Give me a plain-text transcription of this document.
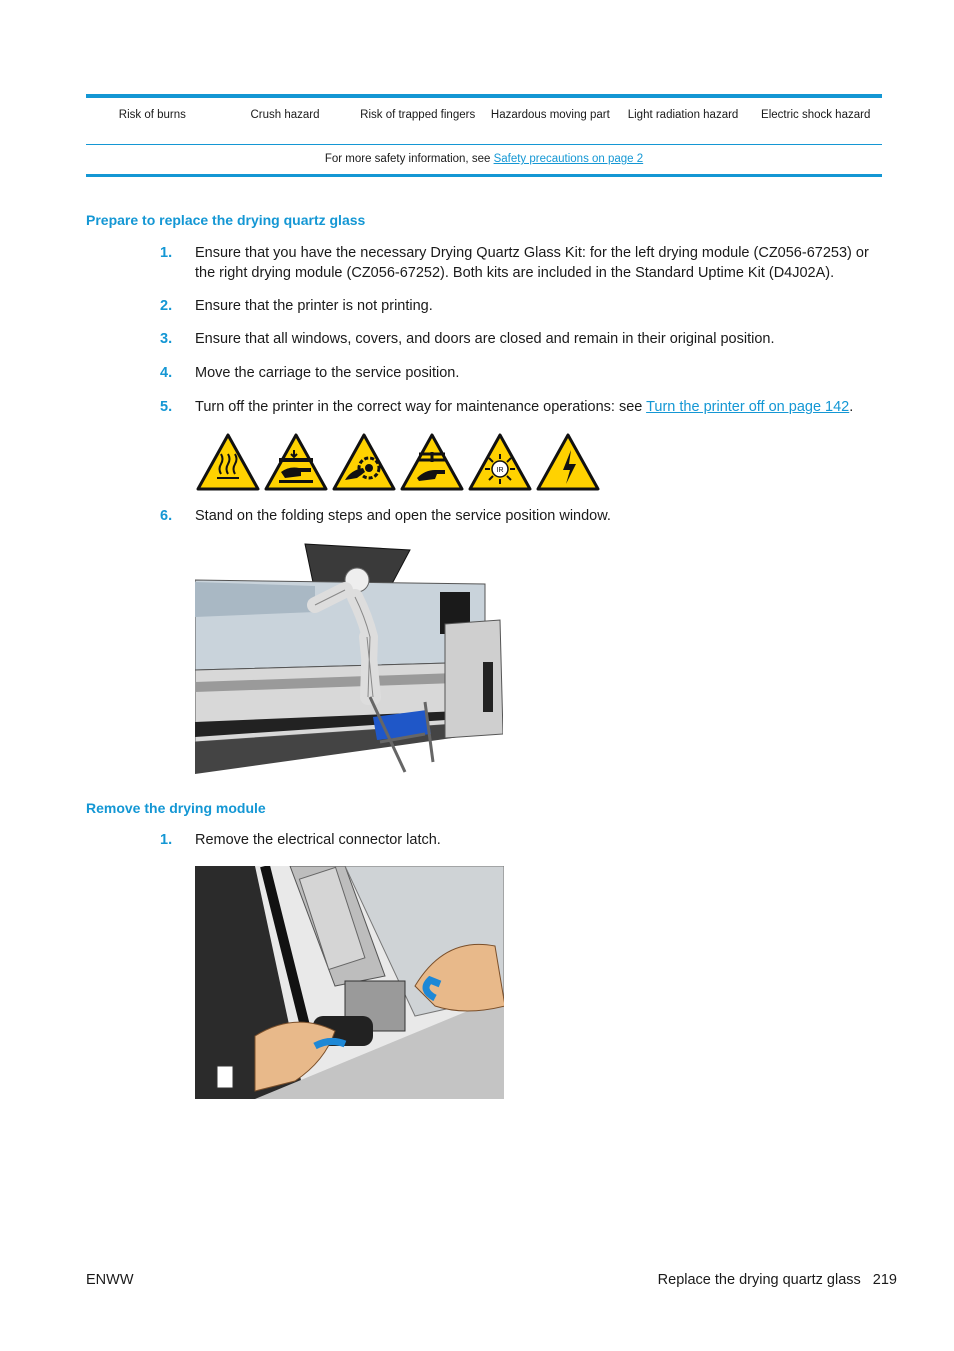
Risk of burns	Crush hazard	Risk of trapped fingers	Hazardous moving part	Light radiation hazard	Electric shock hazard
For more safety information, see Safety precautions on page 2
Prepare to replace the drying quartz glass
1. Ensure that you have the necessary Drying Quartz Glass Kit: for the left drying module (CZ056-67253) or the right drying module (CZ056-67252). Both kits are included in the Standard Uptime Kit (D4J02A).
2. Ensure that the printer is not printing.
3. Ensure that all windows, covers, and doors are closed and remain in their original position.
4. Move the carriage to the service position.
5. Turn off the printer in the correct way for maintenance operations: see Turn the printer off on page 142.
IR
6. Stand on the folding steps and open the service position window.
Remove the drying module
1. Remove the electrical connector latch.
ENWW	Replace the drying quartz glass 219
